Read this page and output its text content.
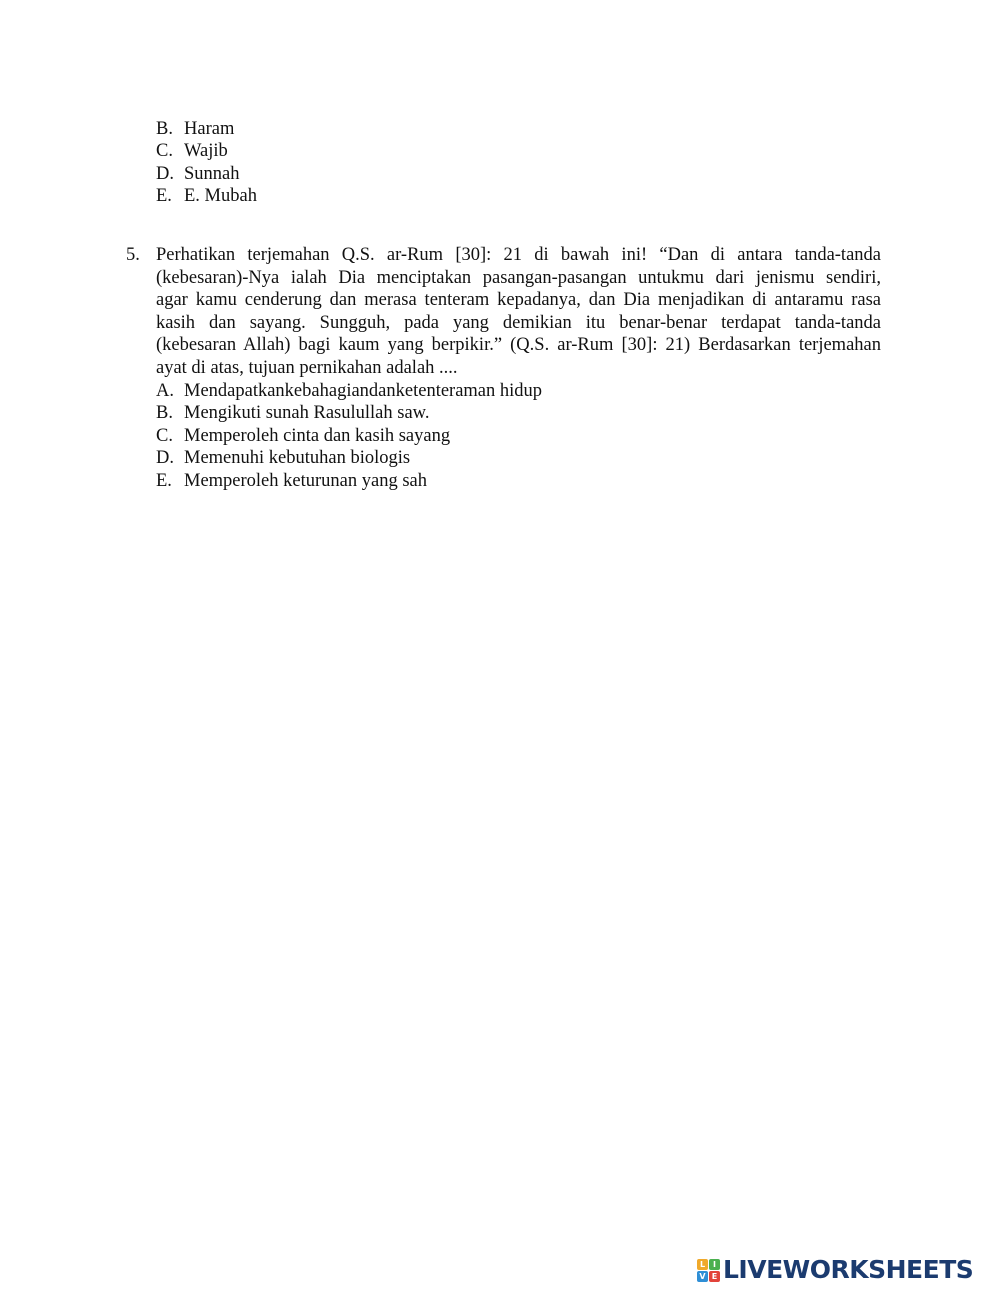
B. Haram
C. Wajib
D. Sunnah
E. E. Mubah
5. Perhatikan terjemahan Q.S. ar-Rum [30]: 21 di bawah ini! “Dan di antara tanda-tanda
(kebesaran)-Nya ialah Dia menciptakan pasangan-pasangan untukmu dari jenismu sendiri,
agar kamu cenderung dan merasa tenteram kepadanya, dan Dia menjadikan di antaramu rasa
kasih dan sayang. Sungguh, pada yang demikian itu benar-benar terdapat tanda-tanda
(kebesaran Allah) bagi kaum yang berpikir.” (Q.S. ar-Rum [30]: 21) Berdasarkan terjemahan
ayat di atas, tujuan pernikahan adalah ....
A. Mendapatkankebahagiandanketenteraman hidup
B. Mengikuti sunah Rasulullah saw.
C. Memperoleh cinta dan kasih sayang
D. Memenuhi kebutuhan biologis
E. Memperoleh keturunan yang sah
L I
V E LIVEWORKSHEETS
